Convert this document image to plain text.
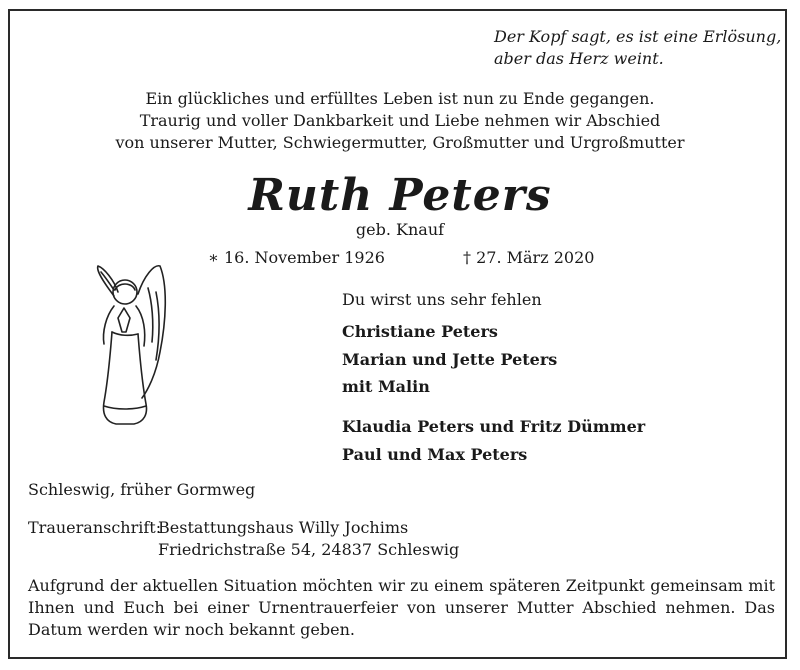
Der Kopf sagt, es ist eine Erlösung,
aber das Herz weint.
Ein glückliches und erfülltes Leben ist nun zu Ende gegangen.
Traurig und voller Dankbarkeit und Liebe nehmen wir Abschied
von unserer Mutter, Schwiegermutter, Großmutter und Urgroßmutter
Ruth Peters
geb. Knauf
∗ 16. November 1926	† 27. März 2020
Du wirst uns sehr fehlen
Christiane Peters
Marian und Jette Peters
mit Malin
Klaudia Peters und Fritz Dümmer
Paul und Max Peters
Schleswig, früher Gormweg
Traueranschrift:
Bestattungshaus Willy Jochims
Friedrichstraße 54, 24837 Schleswig
Aufgrund der aktuellen Situation möchten wir zu einem späteren Zeitpunkt gemeinsam mit Ihnen und Euch bei einer Urnentrauerfeier von unserer Mutter Abschied nehmen. Das Datum werden wir noch bekannt geben.
